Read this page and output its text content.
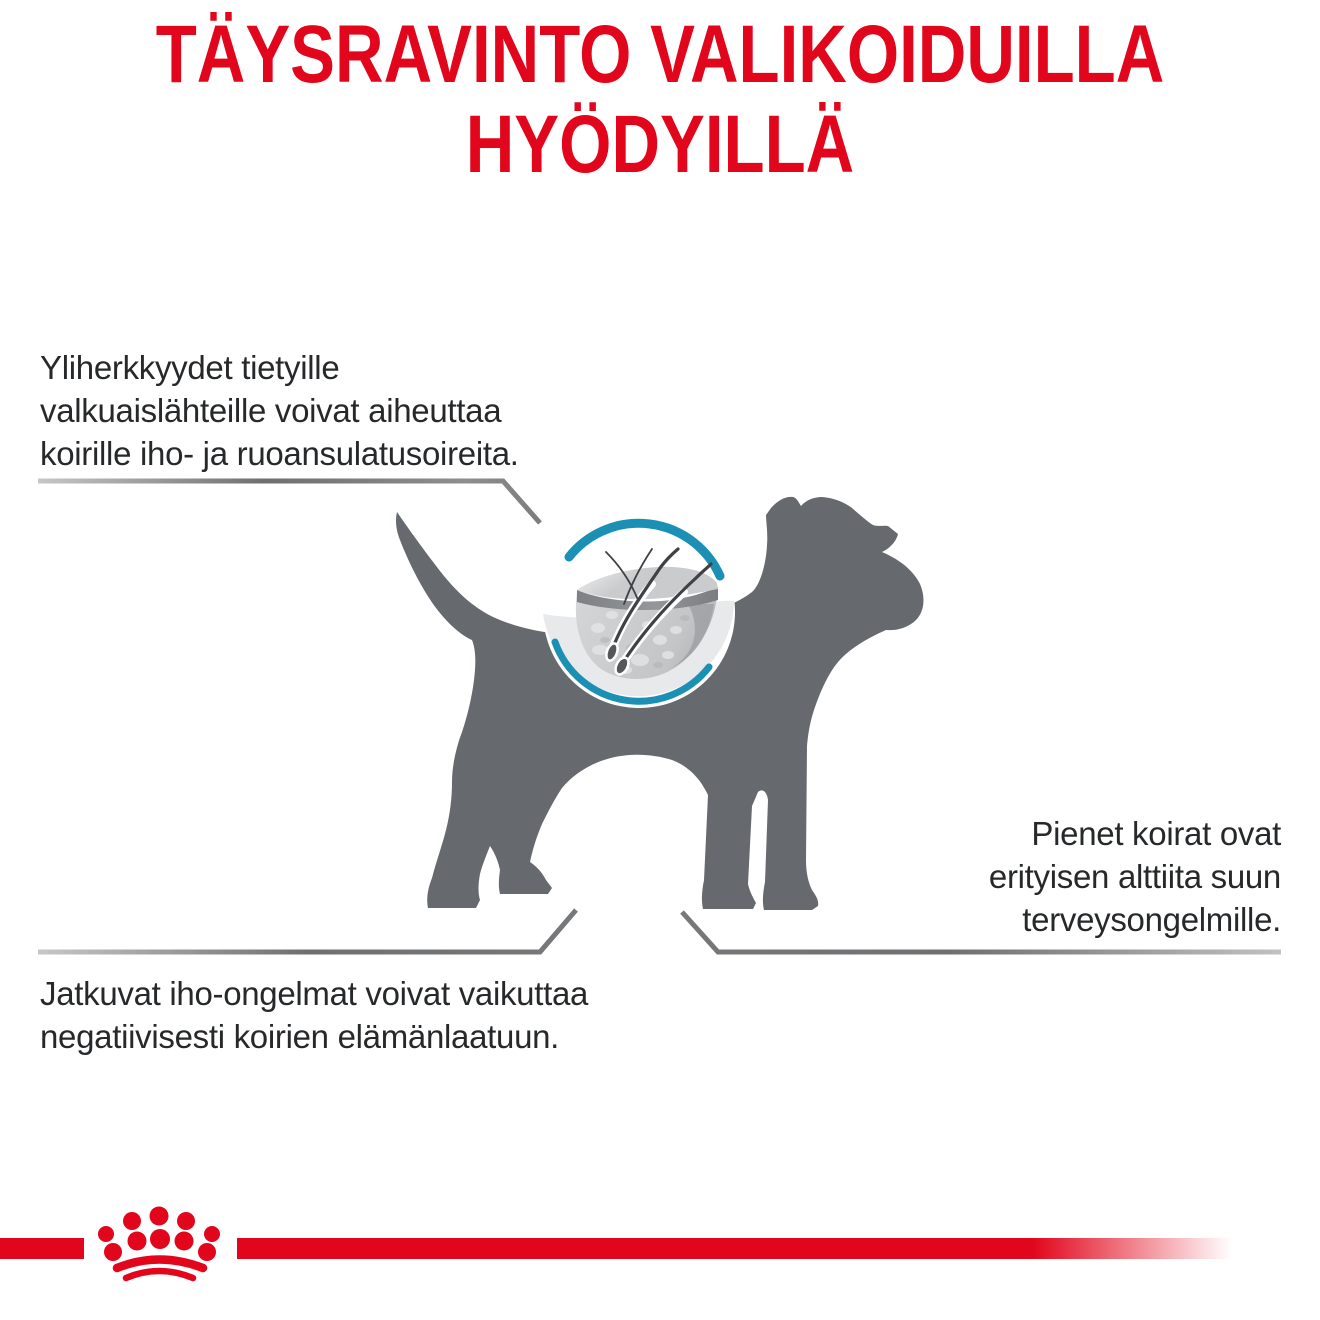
TÄYSRAVINTO VALIKOIDUILLA
HYÖDYILLÄ
Yliherkkyydet tietyille
valkuaislähteille voivat aiheuttaa
koirille iho- ja ruoansulatusoireita.
Pienet koirat ovat
erityisen alttiita suun
terveysongelmille.
Jatkuvat iho-ongelmat voivat vaikuttaa
negatiivisesti koirien elämänlaatuun.
